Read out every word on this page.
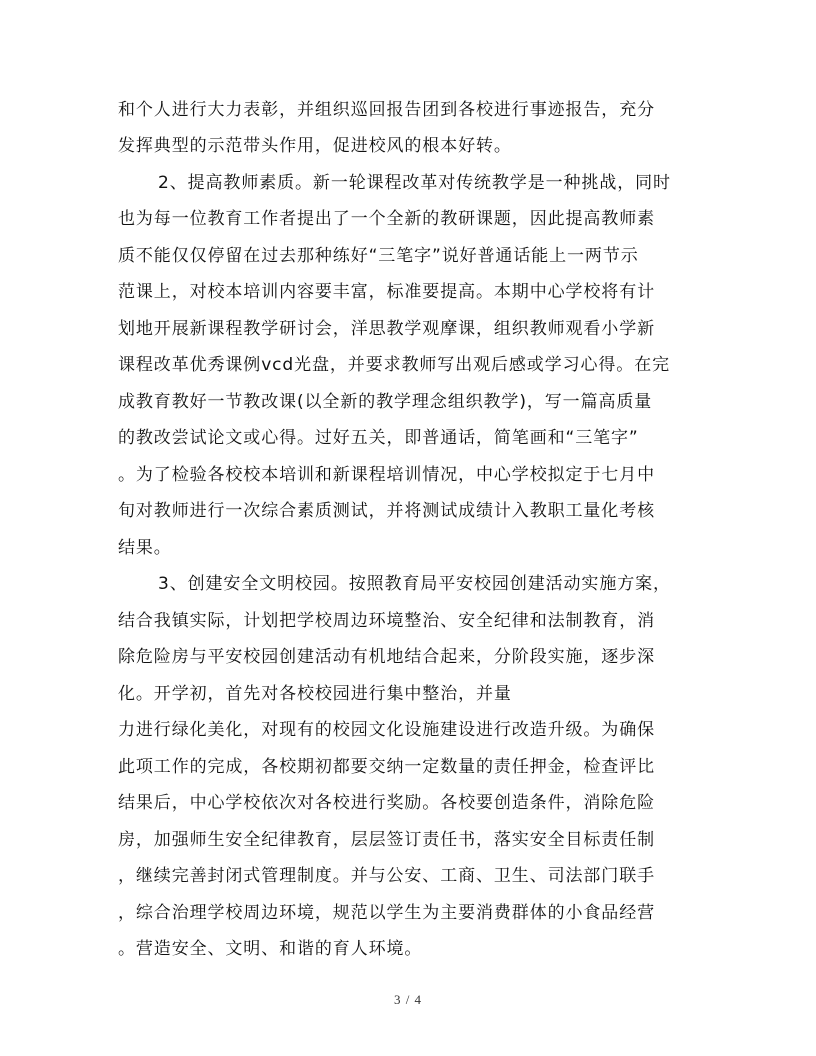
和个人进行大力表彰，并组织巡回报告团到各校进行事迹报告，充分
发挥典型的示范带头作用，促进校风的根本好转。
2、提高教师素质。新一轮课程改革对传统教学是一种挑战，同时
也为每一位教育工作者提出了一个全新的教研课题，因此提高教师素
质不能仅仅停留在过去那种练好“三笔字”说好普通话能上一两节示
范课上，对校本培训内容要丰富，标准要提高。本期中心学校将有计
划地开展新课程教学研讨会，洋思教学观摩课，组织教师观看小学新
课程改革优秀课例vcd光盘，并要求教师写出观后感或学习心得。在完
成教育教好一节教改课(以全新的教学理念组织教学)，写一篇高质量
的教改尝试论文或心得。过好五关，即普通话，简笔画和“三笔字”
。为了检验各校校本培训和新课程培训情况，中心学校拟定于七月中
旬对教师进行一次综合素质测试，并将测试成绩计入教职工量化考核
结果。
3、创建安全文明校园。按照教育局平安校园创建活动实施方案，
结合我镇实际，计划把学校周边环境整治、安全纪律和法制教育，消
除危险房与平安校园创建活动有机地结合起来，分阶段实施，逐步深
化。开学初，首先对各校校园进行集中整治，并量
力进行绿化美化，对现有的校园文化设施建设进行改造升级。为确保
此项工作的完成，各校期初都要交纳一定数量的责任押金，检查评比
结果后，中心学校依次对各校进行奖励。各校要创造条件，消除危险
房，加强师生安全纪律教育，层层签订责任书，落实安全目标责任制
，继续完善封闭式管理制度。并与公安、工商、卫生、司法部门联手
，综合治理学校周边环境，规范以学生为主要消费群体的小食品经营
。营造安全、文明、和谐的育人环境。
3 / 4
